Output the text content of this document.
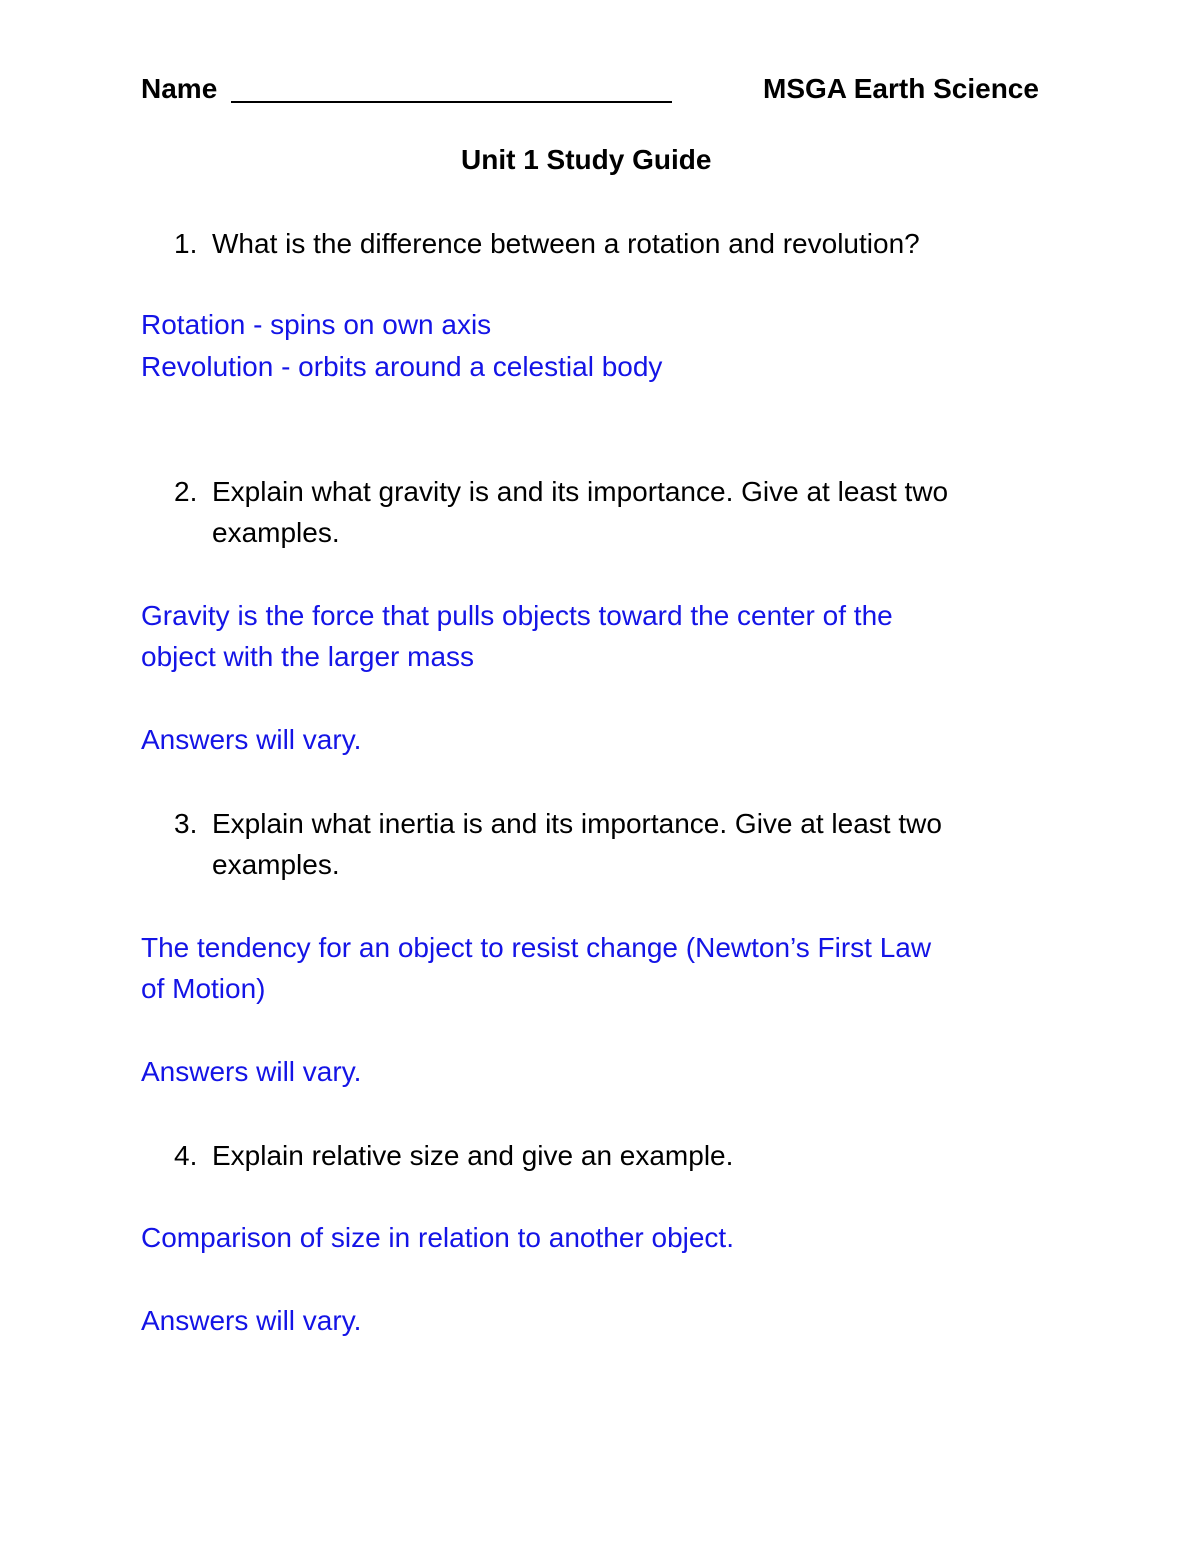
Name	MSGA Earth Science
Unit 1 Study Guide
1. What is the difference between a rotation and revolution?
Rotation - spins on own axis
Revolution - orbits around a celestial body
2. Explain what gravity is and its importance. Give at least two
examples.
Gravity is the force that pulls objects toward the center of the
object with the larger mass
Answers will vary.
3. Explain what inertia is and its importance. Give at least two
examples.
The tendency for an object to resist change (Newton’s First Law
of Motion)
Answers will vary.
4. Explain relative size and give an example.
Comparison of size in relation to another object.
Answers will vary.
